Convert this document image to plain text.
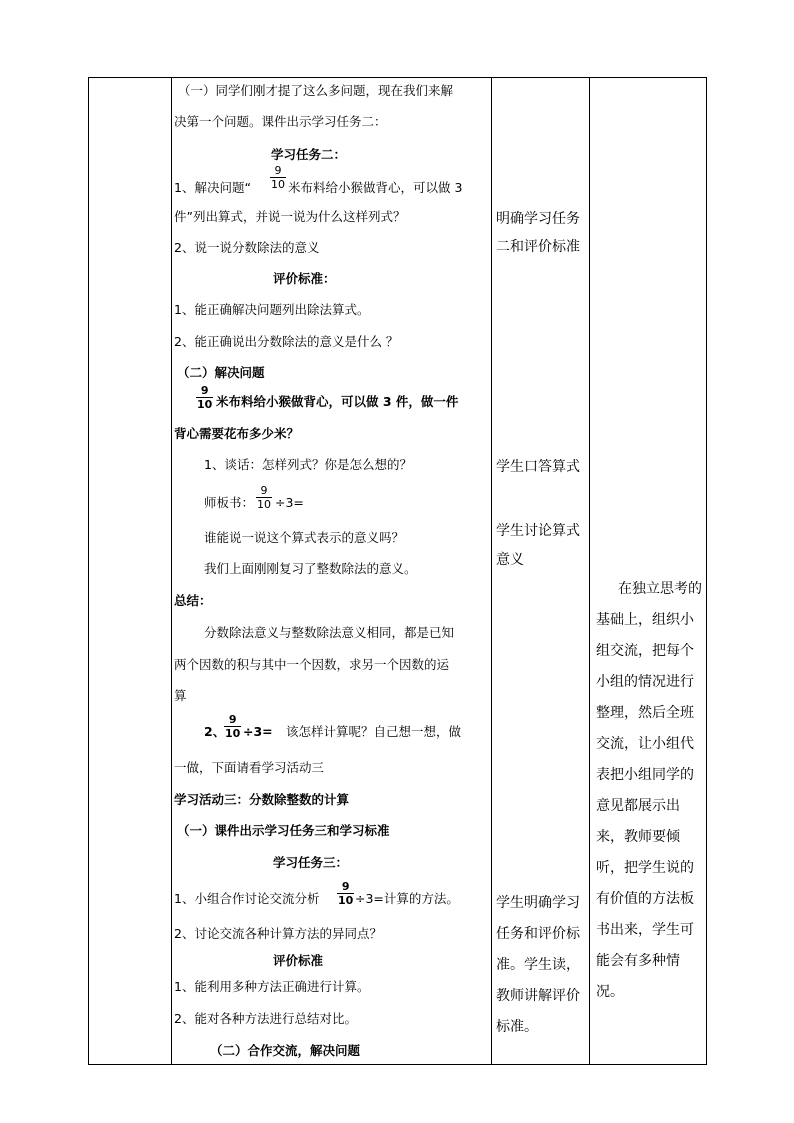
（一）同学们刚才提了这么多问题，现在我们来解
决第一个问题。课件出示学习任务二：
学习任务二：
1、解决问题“ $\frac{9}{10}$ 米布料给小猴做背心，可以做 3
件”列出算式，并说一说为什么这样列式？
2、说一说分数除法的意义
评价标准：
1、能正确解决问题列出除法算式。
2、能正确说出分数除法的意义是什么 ？
（二）解决问题
$\frac{9}{10}$ 米布料给小猴做背心，可以做 3 件，做一件
背心需要花布多少米？
1、谈话：怎样列式？你是怎么想的？
师板书： $\frac{9}{10} \div 3=$
谁能说一说这个算式表示的意义吗？
我们上面刚刚复习了整数除法的意义。
总结：
分数除法意义与整数除法意义相同，都是已知
两个因数的积与其中一个因数，求另一个因数的运
算
2、
$\frac{9}{10} \div 3=$ 该怎样计算呢？自己想一想，做
一做，下面请看学习活动三
学习活动三：分数除整数的计算
（一）课件出示学习任务三和学习标准
学习任务三：
1、小组合作讨论交流分析 $\frac{9}{10} \div 3=$计算的方法。
2、讨论交流各种计算方法的异同点？
评价标准
1、能利用多种方法正确进行计算。
2、能对各种方法进行总结对比。
（二）合作交流，解决问题
明确学习任务
二和评价标准
学生口答算式
学生讨论算式
意义
学生明确学习任务和评价标准。学生读，教师讲解评价标准。
在独立思考的基础上，组织小组交流，把每个小组的情况进行整理，然后全班交流，让小组代表把小组同学的意见都展示出来，教师要倾听，把学生说的有价值的方法板书出来，学生可能会有多种情况。
